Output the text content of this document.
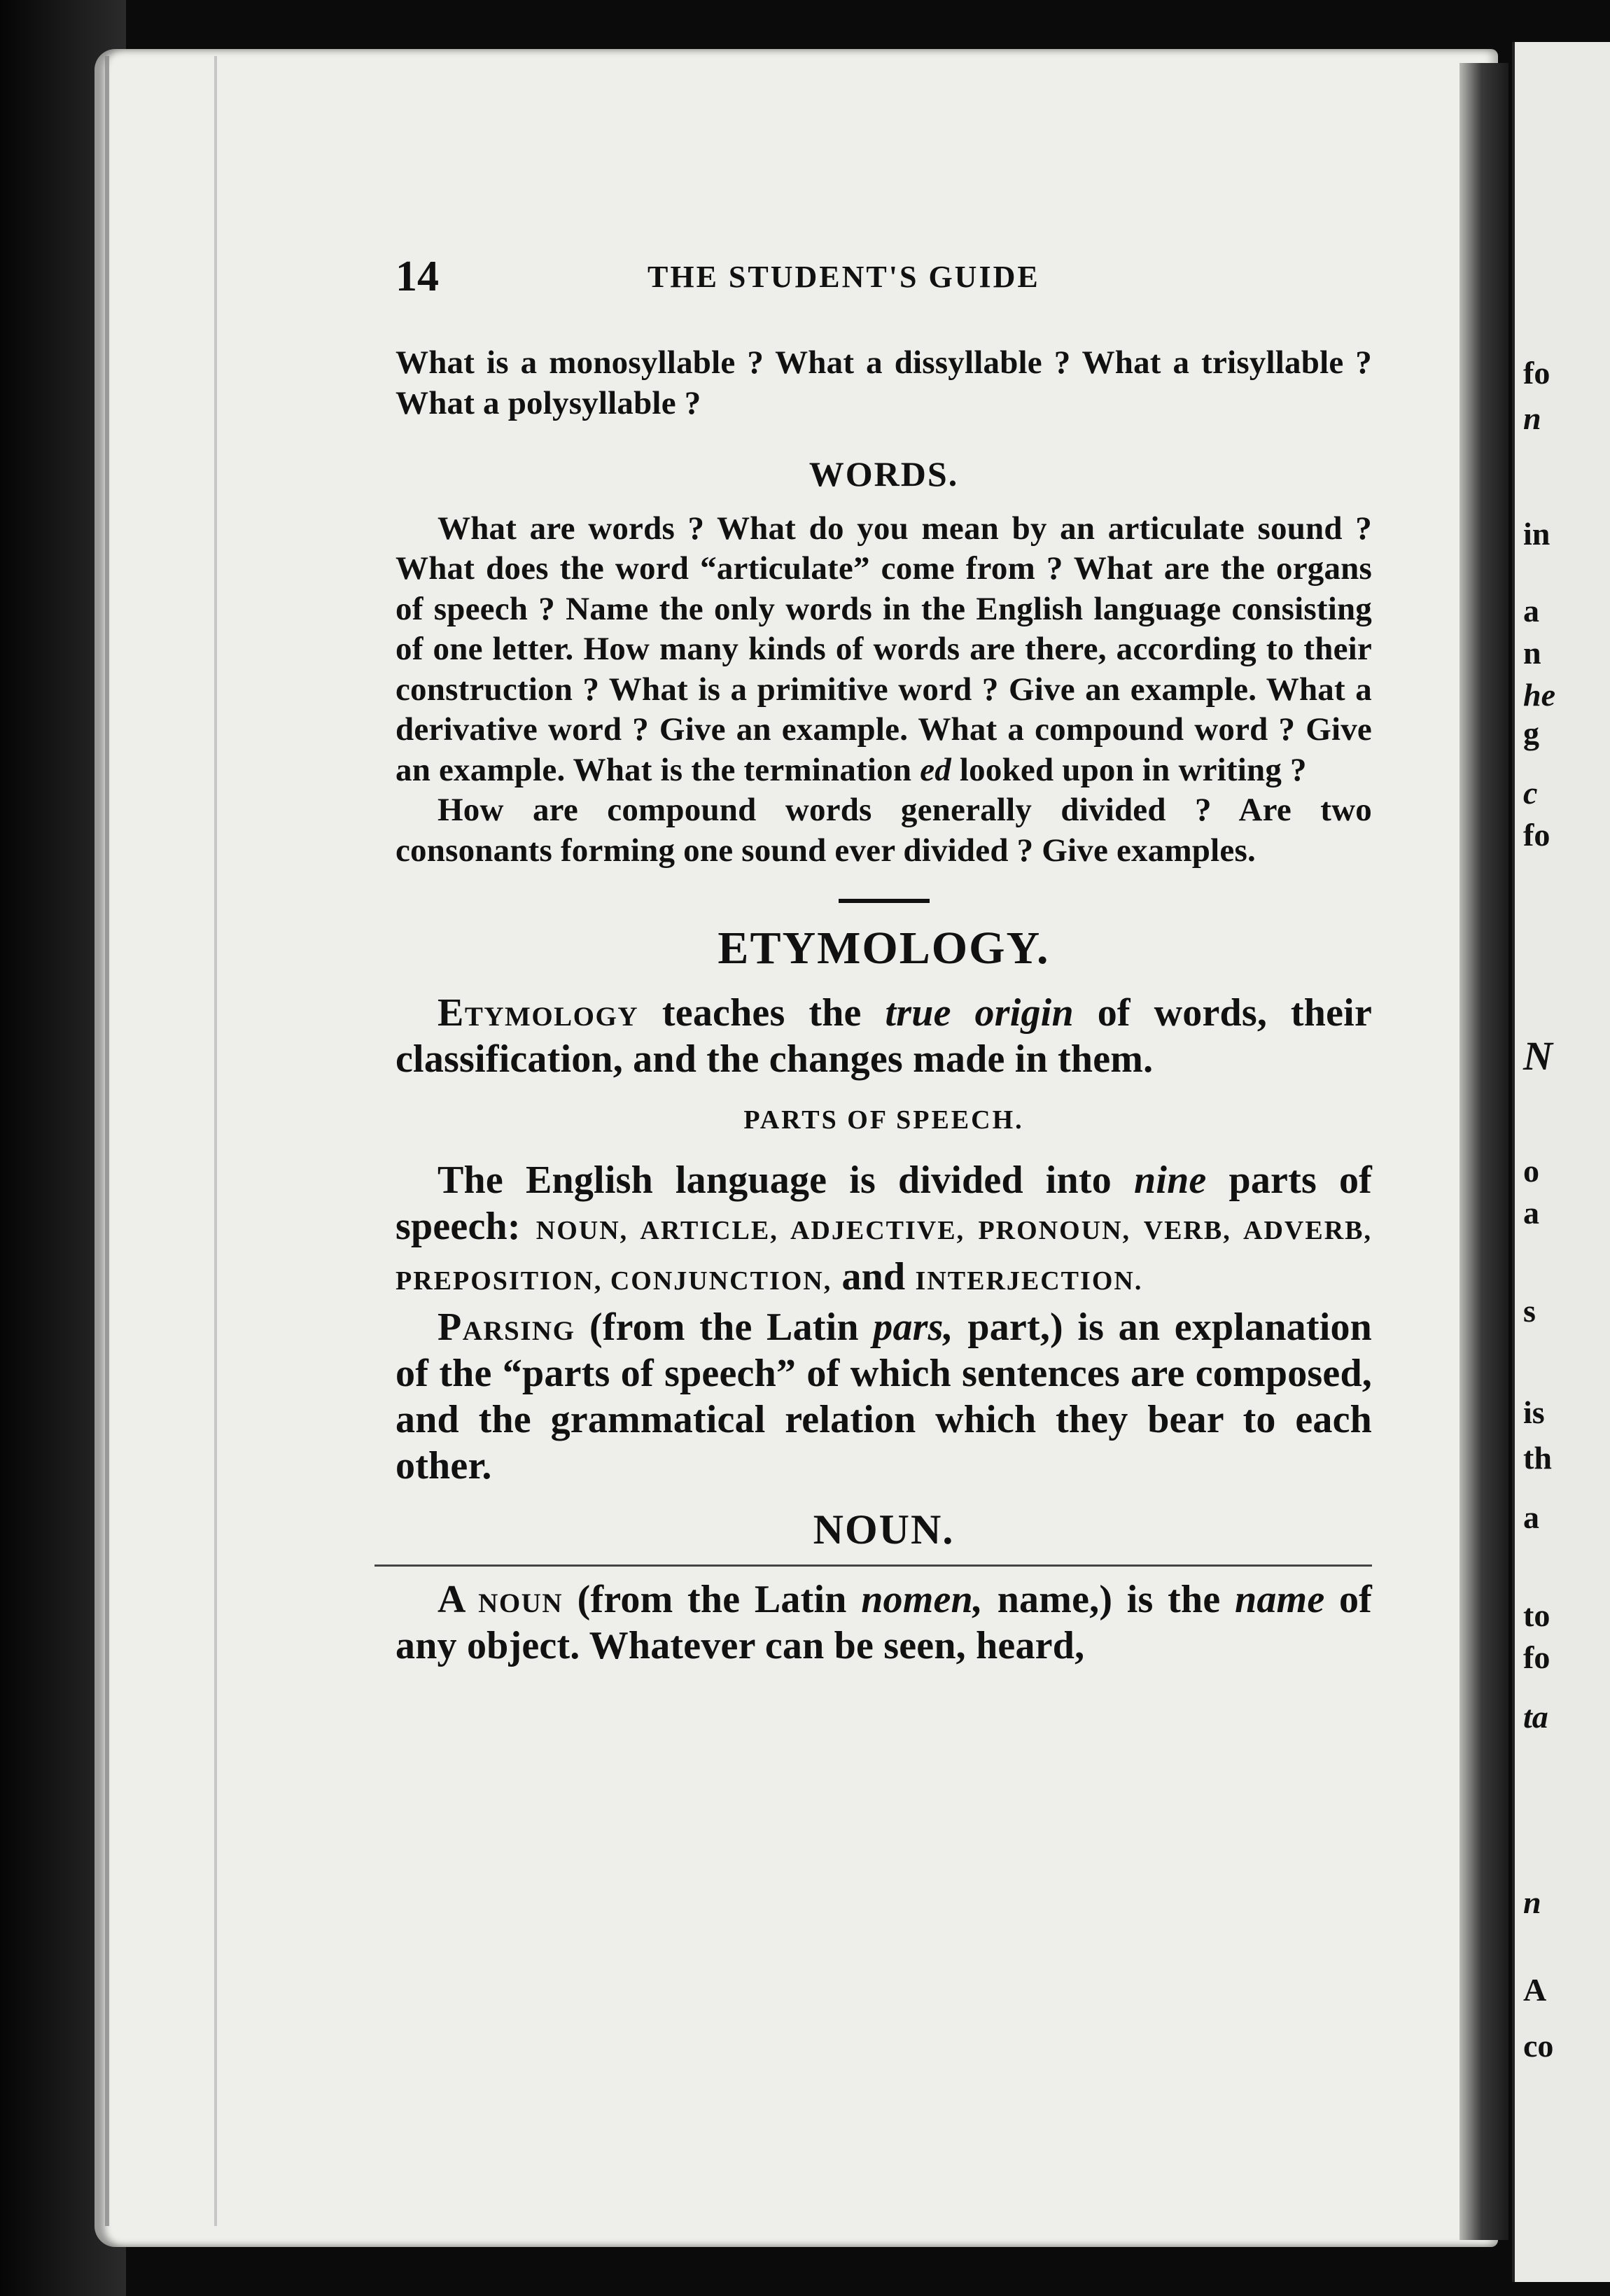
fo
n
in
a
n
he
g
c
fo
N
o
a
s
is
th
a
to
fo
ta
n
A
co
14	THE STUDENT'S GUIDE

What is a monosyllable ? What a dissyllable ? What a trisyllable ? What a polysyllable ?

WORDS.

What are words ? What do you mean by an articulate sound ? What does the word “articulate” come from ? What are the organs of speech ? Name the only words in the English language consisting of one letter. How many kinds of words are there, according to their construction ? What is a primitive word ? Give an example. What a derivative word ? Give an example. What a compound word ? Give an example. What is the termination ed looked upon in writing ?

How are compound words generally divided ? Are two consonants forming one sound ever divided ? Give examples.

ETYMOLOGY.

Etymology teaches the true origin of words, their classification, and the changes made in them.

PARTS OF SPEECH.

The English language is divided into nine parts of speech: NOUN, ARTICLE, ADJECTIVE, PRONOUN, VERB, ADVERB, PREPOSITION, CONJUNCTION, and INTERJECTION.

Parsing (from the Latin pars, part,) is an explanation of the “parts of speech” of which sentences are composed, and the grammatical relation which they bear to each other.

NOUN.

A noun (from the Latin nomen, name,) is the name of any object. Whatever can be seen, heard,
